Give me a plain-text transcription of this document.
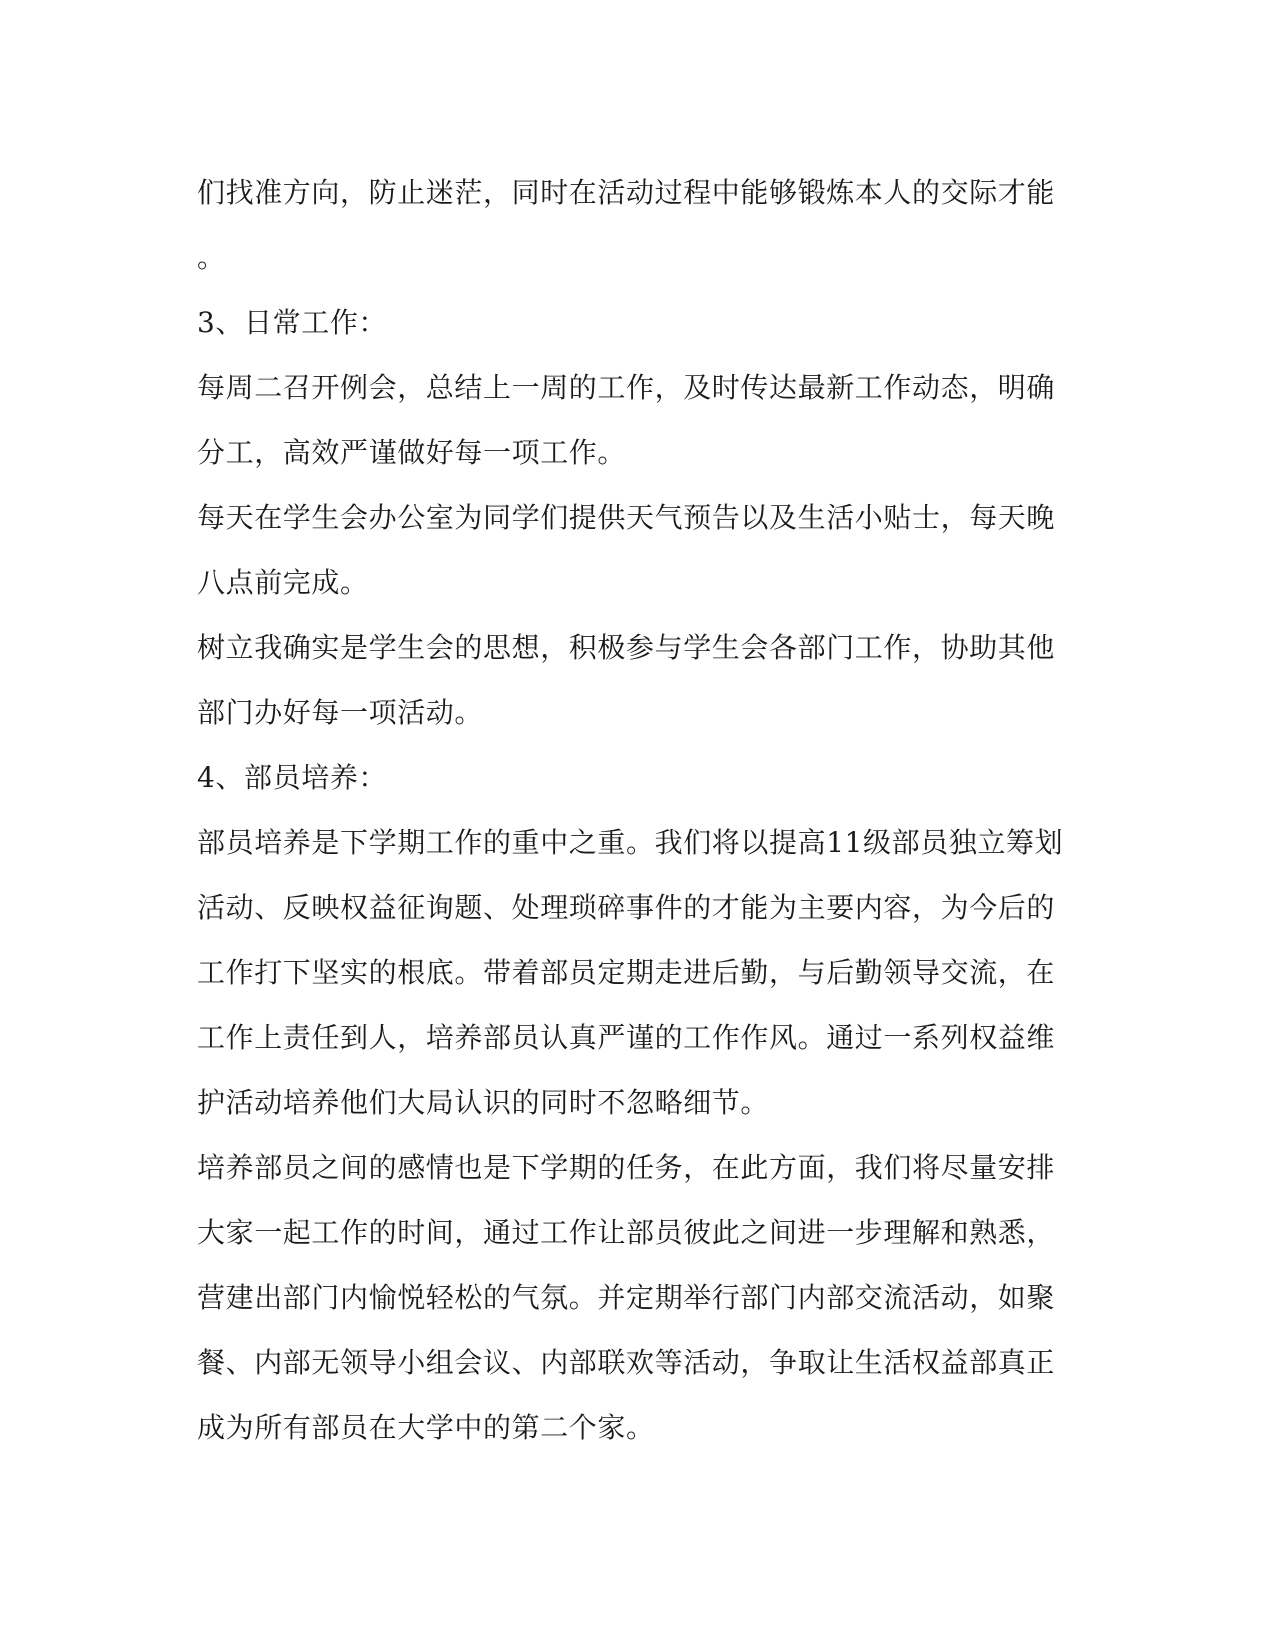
们找准方向，防止迷茫，同时在活动过程中能够锻炼本人的交际才能
。
3、日常工作：
每周二召开例会，总结上一周的工作，及时传达最新工作动态，明确
分工，高效严谨做好每一项工作。
每天在学生会办公室为同学们提供天气预告以及生活小贴士，每天晚
八点前完成。
树立我确实是学生会的思想，积极参与学生会各部门工作，协助其他
部门办好每一项活动。
4、部员培养：
部员培养是下学期工作的重中之重。我们将以提高11级部员独立筹划
活动、反映权益征询题、处理琐碎事件的才能为主要内容，为今后的
工作打下坚实的根底。带着部员定期走进后勤，与后勤领导交流，在
工作上责任到人，培养部员认真严谨的工作作风。通过一系列权益维
护活动培养他们大局认识的同时不忽略细节。
培养部员之间的感情也是下学期的任务，在此方面，我们将尽量安排
大家一起工作的时间，通过工作让部员彼此之间进一步理解和熟悉，
营建出部门内愉悦轻松的气氛。并定期举行部门内部交流活动，如聚
餐、内部无领导小组会议、内部联欢等活动，争取让生活权益部真正
成为所有部员在大学中的第二个家。
